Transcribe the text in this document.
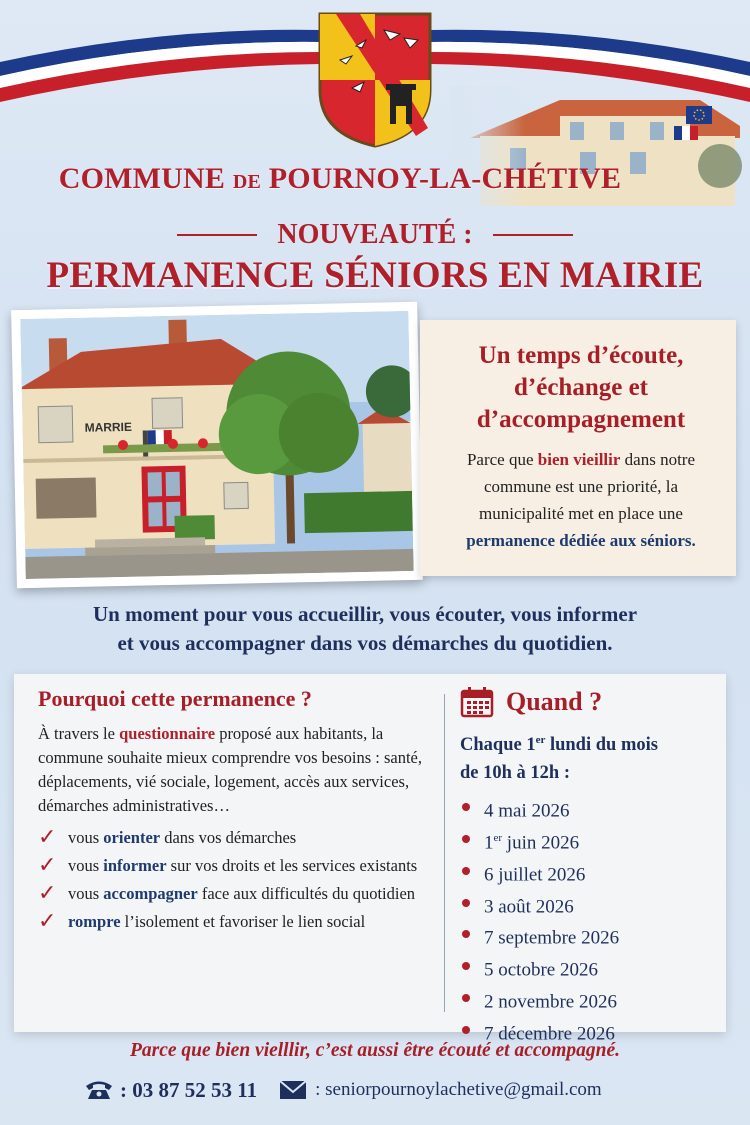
COMMUNE DE POURNOY-LA-CHÉTIVE
NOUVEAUTÉ :
PERMANENCE SÉNIORS EN MAIRIE
MARRIE
Un temps d’écoute,
d’échange et
d’accompagnement

Parce que bien vieillir dans notre commune est une priorité, la municipalité met en place une permanence dédiée aux séniors.

Un moment pour vous accueillir, vous écouter, vous informer
et vous accompagner dans vos démarches du quotidien.
Pourquoi cette permanence ?

À travers le questionnaire proposé aux habitants, la commune souhaite mieux comprendre vos besoins : santé, déplacements, vié sociale, logement, accès aux services, démarches administratives…

✓ vous orienter dans vos démarches
✓ vous informer sur vos droits et les services existants
✓ vous accompagner face aux difficultés du quotidien
✓ rompre l’isolement et favoriser le lien social
Quand ?
Chaque 1er lundi du mois
de 10h à 12h :
4 mai 2026
1er juin 2026
6 juillet 2026
3 août 2026
7 septembre 2026
5 octobre 2026
2 novembre 2026
7 décembre 2026
Parce que bien vielllir, c’est aussi être écouté et accompagné.
: 03 87 52 53 11	: seniorpournoylachetive@gmail.com
